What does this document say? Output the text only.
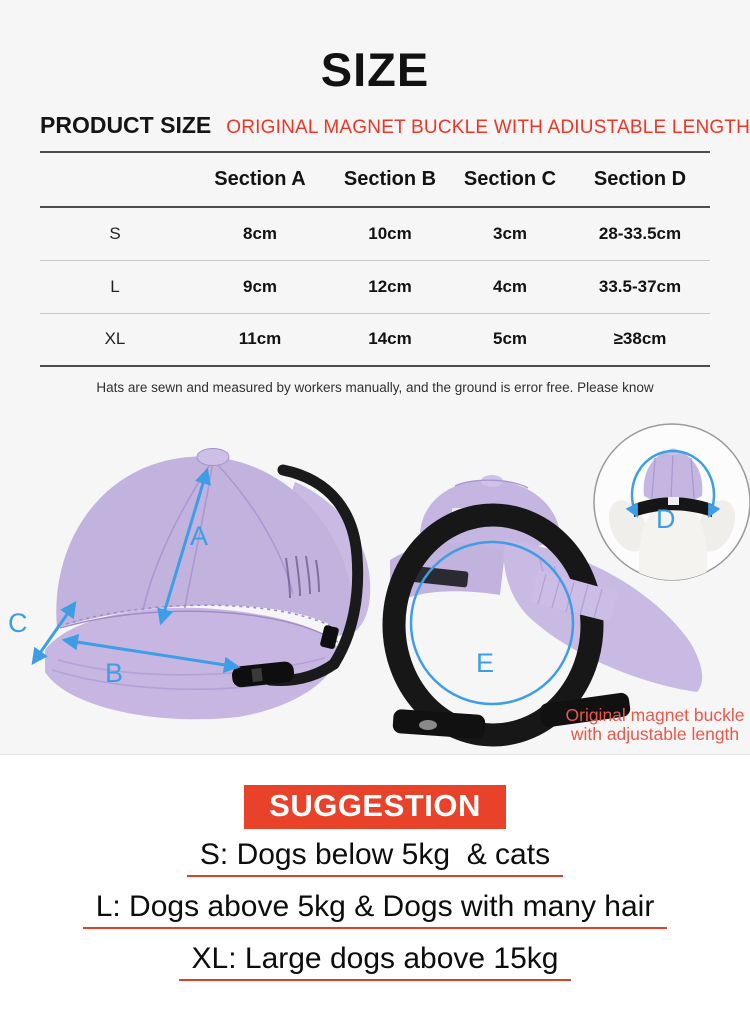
SIZE
PRODUCT SIZE ORIGINAL MAGNET BUCKLE WITH ADIUSTABLE LENGTH
	Section A	Section B	Section C	Section D
S	8cm	10cm	3cm	28-33.5cm
L	9cm	12cm	4cm	33.5-37cm
XL	11cm	14cm	5cm	≥38cm
Hats are sewn and measured by workers manually, and the ground is error free. Please know
A
B
C
E
Original magnet buckle
with adjustable length
D
SUGGESTION
S: Dogs below 5kg  & cats
L: Dogs above 5kg & Dogs with many hair
XL: Large dogs above 15kg
